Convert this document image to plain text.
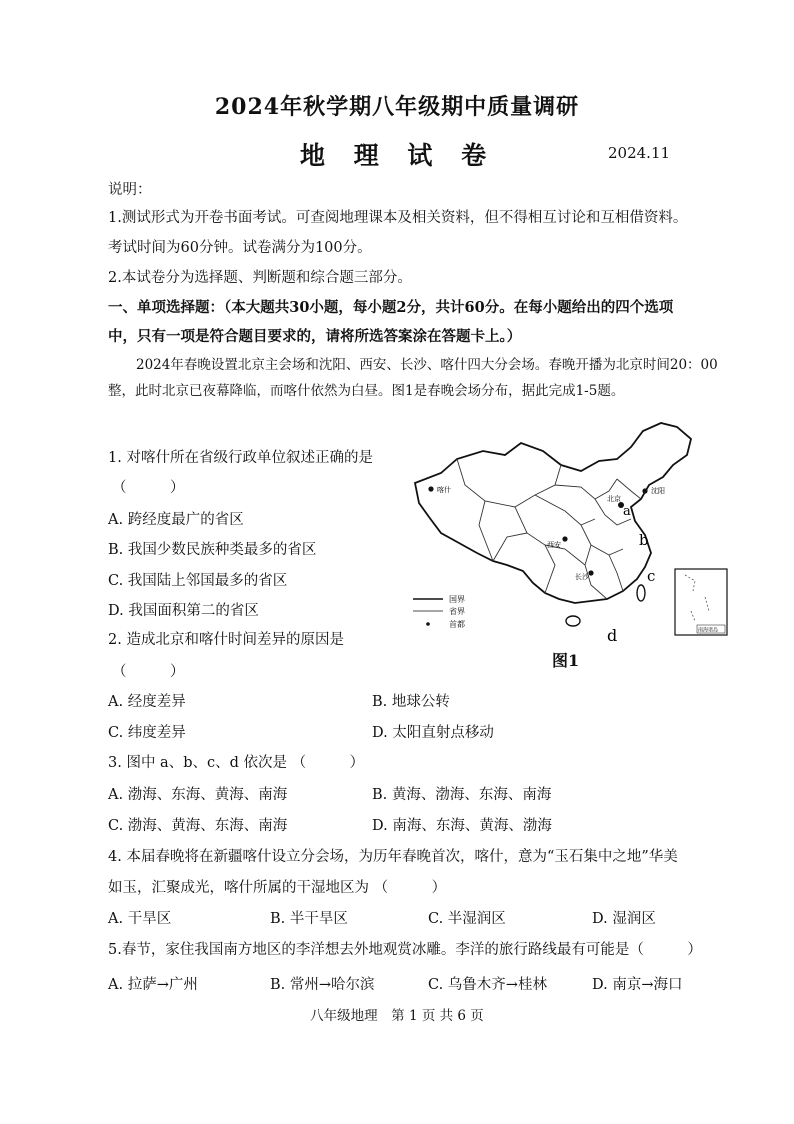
2024年秋学期八年级期中质量调研
地 理 试 卷	2024.11
说明：
1.测试形式为开卷书面考试。可查阅地理课本及相关资料，但不得相互讨论和互相借资料。
考试时间为60分钟。试卷满分为100分。
2.本试卷分为选择题、判断题和综合题三部分。
一、单项选择题：（本大题共30小题，每小题2分，共计60分。在每小题给出的四个选项
中，只有一项是符合题目要求的，请将所选答案涂在答题卡上。）
2024年春晚设置北京主会场和沈阳、西安、长沙、喀什四大分会场。春晚开播为北京时间20：00整，此时北京已夜幕降临，而喀什依然为白昼。图1是春晚会场分布，据此完成1-5题。
1. 对喀什所在省级行政单位叙述正确的是
（　　　）
A. 跨经度最广的省区
B. 我国少数民族种类最多的省区
C. 我国陆上邻国最多的省区
D. 我国面积第二的省区
2. 造成北京和喀什时间差异的原因是
（　　　）
A. 经度差异	B. 地球公转
C. 纬度差异	D. 太阳直射点移动
3. 图中 a、b、c、d 依次是 （　　　）
A. 渤海、东海、黄海、南海	B. 黄海、渤海、东海、南海
C. 渤海、黄海、东海、南海	D. 南海、东海、黄海、渤海
4. 本届春晚将在新疆喀什设立分会场，为历年春晚首次，喀什，意为“玉石集中之地”华美
如玉，汇聚成光，喀什所属的干湿地区为 （　　　）
A. 干旱区	B. 半干旱区	C. 半湿润区	D. 湿润区
5.春节，家住我国南方地区的李洋想去外地观赏冰雕。李洋的旅行路线最有可能是（　　　）
A. 拉萨→广州	B. 常州→哈尔滨	C. 乌鲁木齐→桂林	D. 南京→海口
喀什	沈阳
北京
西安
长沙
a
b
c
d
国界
省界
首都
南海诸岛
图1
八年级地理　第 1 页 共 6 页
